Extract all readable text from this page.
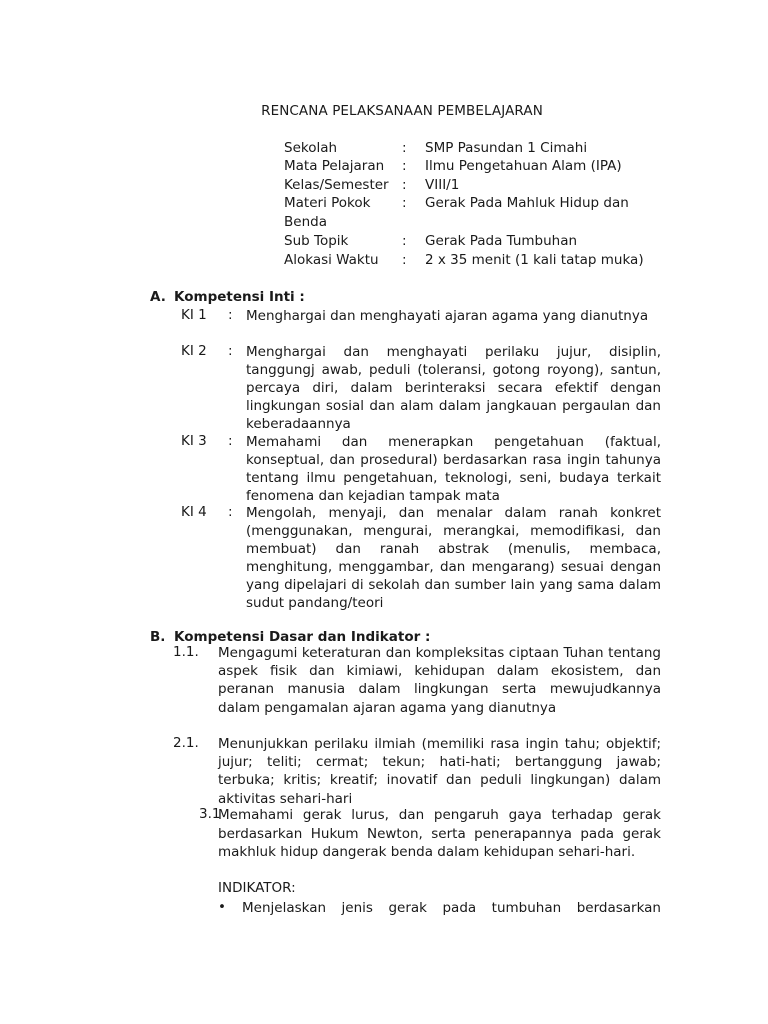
RENCANA PELAKSANAAN PEMBELAJARAN
Sekolah	: SMP Pasundan 1 Cimahi
Mata Pelajaran : Ilmu Pengetahuan Alam (IPA)
Kelas/Semester : VIII/1
Materi Pokok : Gerak Pada Mahluk Hidup dan
Benda
Sub Topik	: Gerak Pada Tumbuhan
Alokasi Waktu : 2 x 35 menit (1 kali tatap muka)
A. Kompetensi Inti :
KI 1 : Menghargai dan menghayati ajaran agama yang dianutnya
KI 2 : Menghargai dan menghayati perilaku jujur, disiplin, tanggungj awab, peduli (toleransi, gotong royong), santun, percaya diri, dalam berinteraksi secara efektif dengan lingkungan sosial dan alam dalam jangkauan pergaulan dan keberadaannya
KI 3 : Memahami dan menerapkan pengetahuan (faktual, konseptual, dan prosedural) berdasarkan rasa ingin tahunya tentang ilmu pengetahuan, teknologi, seni, budaya terkait fenomena dan kejadian tampak mata
KI 4 : Mengolah, menyaji, dan menalar dalam ranah konkret (menggunakan, mengurai, merangkai, memodifikasi, dan membuat) dan ranah abstrak (menulis, membaca, menghitung, menggambar, dan mengarang) sesuai dengan yang dipelajari di sekolah dan sumber lain yang sama dalam sudut pandang/teori
B. Kompetensi Dasar dan Indikator :
1.1. Mengagumi keteraturan dan kompleksitas ciptaan Tuhan tentang aspek fisik dan kimiawi, kehidupan dalam ekosistem, dan peranan manusia dalam lingkungan serta mewujudkannya dalam pengamalan ajaran agama yang dianutnya
2.1. Menunjukkan perilaku ilmiah (memiliki rasa ingin tahu; objektif; jujur; teliti; cermat; tekun; hati-hati; bertanggung jawab; terbuka; kritis; kreatif; inovatif dan peduli lingkungan) dalam aktivitas sehari-hari
3.1
Memahami gerak lurus, dan pengaruh gaya terhadap gerak berdasarkan Hukum Newton, serta penerapannya pada gerak makhluk hidup dangerak benda dalam kehidupan sehari-hari.
INDIKATOR:
• Menjelaskan jenis gerak pada tumbuhan berdasarkan
